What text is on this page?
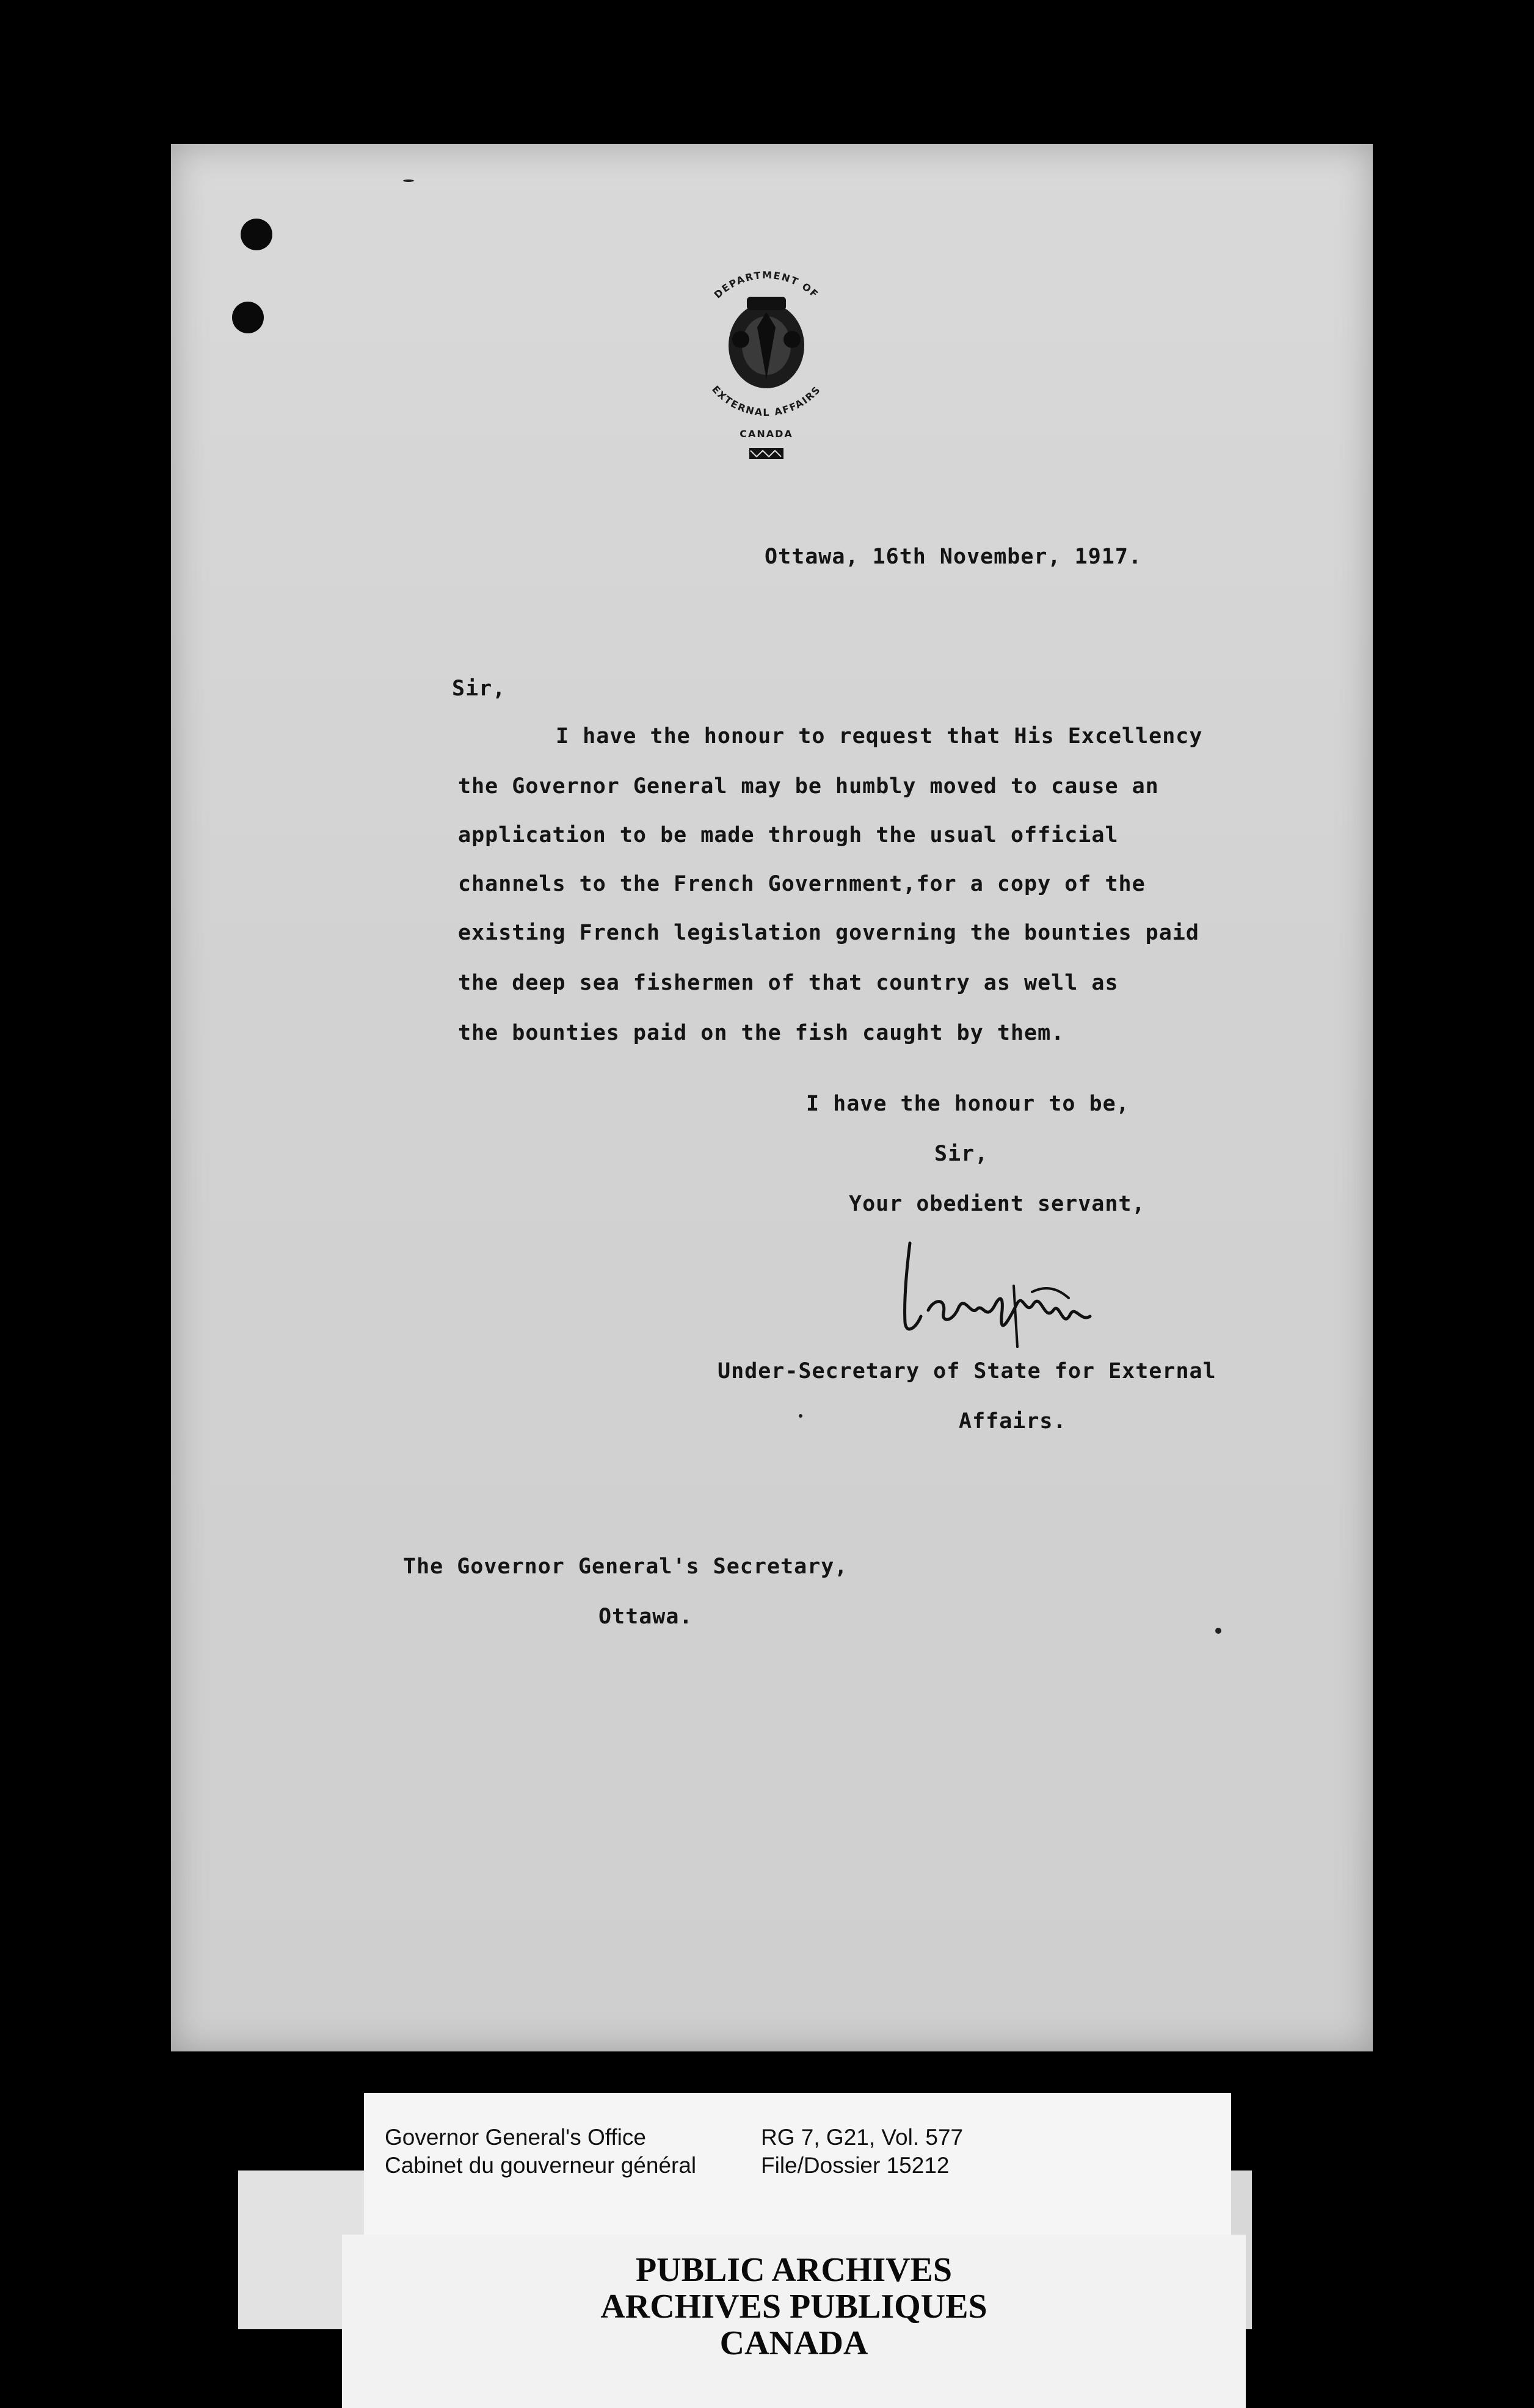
DEPARTMENT OF
EXTERNAL AFFAIRS
CANADA
Ottawa, 16th November, 1917.
Sir,
I have the honour to request that His Excellency
the Governor General may be humbly moved to cause an
application to be made through the usual official
channels to the French Government,for a copy of the
existing French legislation governing the bounties paid
the deep sea fishermen of that country as well as
the bounties paid on the fish caught by them.
I have the honour to be,
Sir,
Your obedient servant,
Under-Secretary of State for External
Affairs.
The Governor General's Secretary,
Ottawa.
Governor General's Office
Cabinet du gouverneur général
RG 7, G21, Vol. 577
File/Dossier 15212
PUBLIC ARCHIVES
ARCHIVES PUBLIQUES
CANADA
